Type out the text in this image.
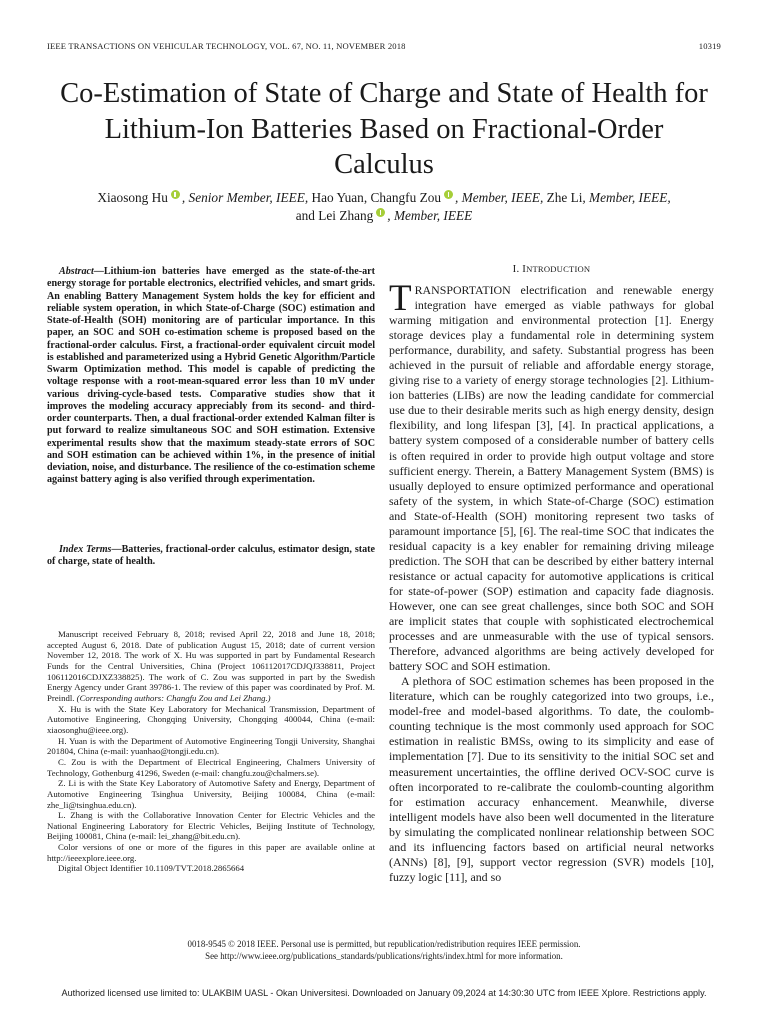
IEEE TRANSACTIONS ON VEHICULAR TECHNOLOGY, VOL. 67, NO. 11, NOVEMBER 2018	10319
Co-Estimation of State of Charge and State of Health for Lithium-Ion Batteries Based on Fractional-Order Calculus
Xiaosong Hu , Senior Member, IEEE, Hao Yuan, Changfu Zou , Member, IEEE, Zhe Li, Member, IEEE,
and Lei Zhang , Member, IEEE
Abstract—Lithium-ion batteries have emerged as the state-of-the-art energy storage for portable electronics, electrified vehicles, and smart grids. An enabling Battery Management System holds the key for efficient and reliable system operation, in which State-of-Charge (SOC) estimation and State-of-Health (SOH) monitoring are of particular importance. In this paper, an SOC and SOH co-estimation scheme is proposed based on the fractional-order calculus. First, a fractional-order equivalent circuit model is established and parameterized using a Hybrid Genetic Algorithm/Particle Swarm Optimization method. This model is capable of predicting the voltage response with a root-mean-squared error less than 10 mV under various driving-cycle-based tests. Comparative studies show that it improves the modeling accuracy appreciably from its second- and third-order counterparts. Then, a dual fractional-order extended Kalman filter is put forward to realize simultaneous SOC and SOH estimation. Extensive experimental results show that the maximum steady-state errors of SOC and SOH estimation can be achieved within 1%, in the presence of initial deviation, noise, and disturbance. The resilience of the co-estimation scheme against battery aging is also verified through experimentation.
Index Terms—Batteries, fractional-order calculus, estimator design, state of charge, state of health.

Manuscript received February 8, 2018; revised April 22, 2018 and June 18, 2018; accepted August 6, 2018. Date of publication August 15, 2018; date of current version November 12, 2018. The work of X. Hu was supported in part by Fundamental Research Funds for the Central Universities, China (Project 106112017CDJQJ338811, Project 106112016CDJXZ338825). The work of C. Zou was supported in part by the Swedish Energy Agency under Grant 39786-1. The review of this paper was coordinated by Prof. M. Preindl. (Corresponding authors: Changfu Zou and Lei Zhang.)

X. Hu is with the State Key Laboratory for Mechanical Transmission, Department of Automotive Engineering, Chongqing University, Chongqing 400044, China (e-mail: xiaosonghu@ieee.org).

H. Yuan is with the Department of Automotive Engineering Tongji University, Shanghai 201804, China (e-mail: yuanhao@tongji.edu.cn).

C. Zou is with the Department of Electrical Engineering, Chalmers University of Technology, Gothenburg 41296, Sweden (e-mail: changfu.zou@chalmers.se).

Z. Li is with the State Key Laboratory of Automotive Safety and Energy, Department of Automotive Engineering Tsinghua University, Beijing 100084, China (e-mail: zhe_li@tsinghua.edu.cn).

L. Zhang is with the Collaborative Innovation Center for Electric Vehicles and the National Engineering Laboratory for Electric Vehicles, Beijing Institute of Technology, Beijing 100081, China (e-mail: lei_zhang@bit.edu.cn).

Color versions of one or more of the figures in this paper are available online at http://ieeexplore.ieee.org.

Digital Object Identifier 10.1109/TVT.2018.2865664

I. INTRODUCTION

TRANSPORTATION electrification and renewable energy integration have emerged as viable pathways for global warming mitigation and environmental protection [1]. Energy storage devices play a fundamental role in determining system performance, durability, and safety. Substantial progress has been achieved in the pursuit of reliable and affordable energy storage, giving rise to a variety of energy storage technologies [2]. Lithium-ion batteries (LIBs) are now the leading candidate for commercial use due to their desirable merits such as high energy density, design flexibility, and long lifespan [3], [4]. In practical applications, a battery system composed of a considerable number of battery cells is often required in order to provide high output voltage and store sufficient energy. Therein, a Battery Management System (BMS) is usually deployed to ensure optimized performance and operational safety of the system, in which State-of-Charge (SOC) estimation and State-of-Health (SOH) monitoring represent two tasks of paramount importance [5], [6]. The real-time SOC that indicates the residual capacity is a key enabler for remaining driving mileage prediction. The SOH that can be described by either battery internal resistance or actual capacity for automotive applications is critical for state-of-power (SOP) estimation and capacity fade diagnosis. However, one can see great challenges, since both SOC and SOH are implicit states that couple with sophisticated electrochemical processes and are unmeasurable with the use of typical sensors. Therefore, advanced algorithms are being actively developed for battery SOC and SOH estimation.

A plethora of SOC estimation schemes has been proposed in the literature, which can be roughly categorized into two groups, i.e., model-free and model-based algorithms. To date, the coulomb-counting technique is the most commonly used approach for SOC estimation in realistic BMSs, owing to its simplicity and ease of implementation [7]. Due to its sensitivity to the initial SOC set and measurement uncertainties, the offline derived OCV-SOC curve is often incorporated to re-calibrate the coulomb-counting algorithm for estimation accuracy enhancement. Meanwhile, diverse intelligent models have also been well documented in the literature by simulating the complicated nonlinear relationship between SOC and its influencing factors based on artificial neural networks (ANNs) [8], [9], support vector regression (SVR) models [10], fuzzy logic [11], and so

0018-9545 © 2018 IEEE. Personal use is permitted, but republication/redistribution requires IEEE permission.
See http://www.ieee.org/publications_standards/publications/rights/index.html for more information.
Authorized licensed use limited to: ULAKBIM UASL - Okan Universitesi. Downloaded on January 09,2024 at 14:30:30 UTC from IEEE Xplore. Restrictions apply.
